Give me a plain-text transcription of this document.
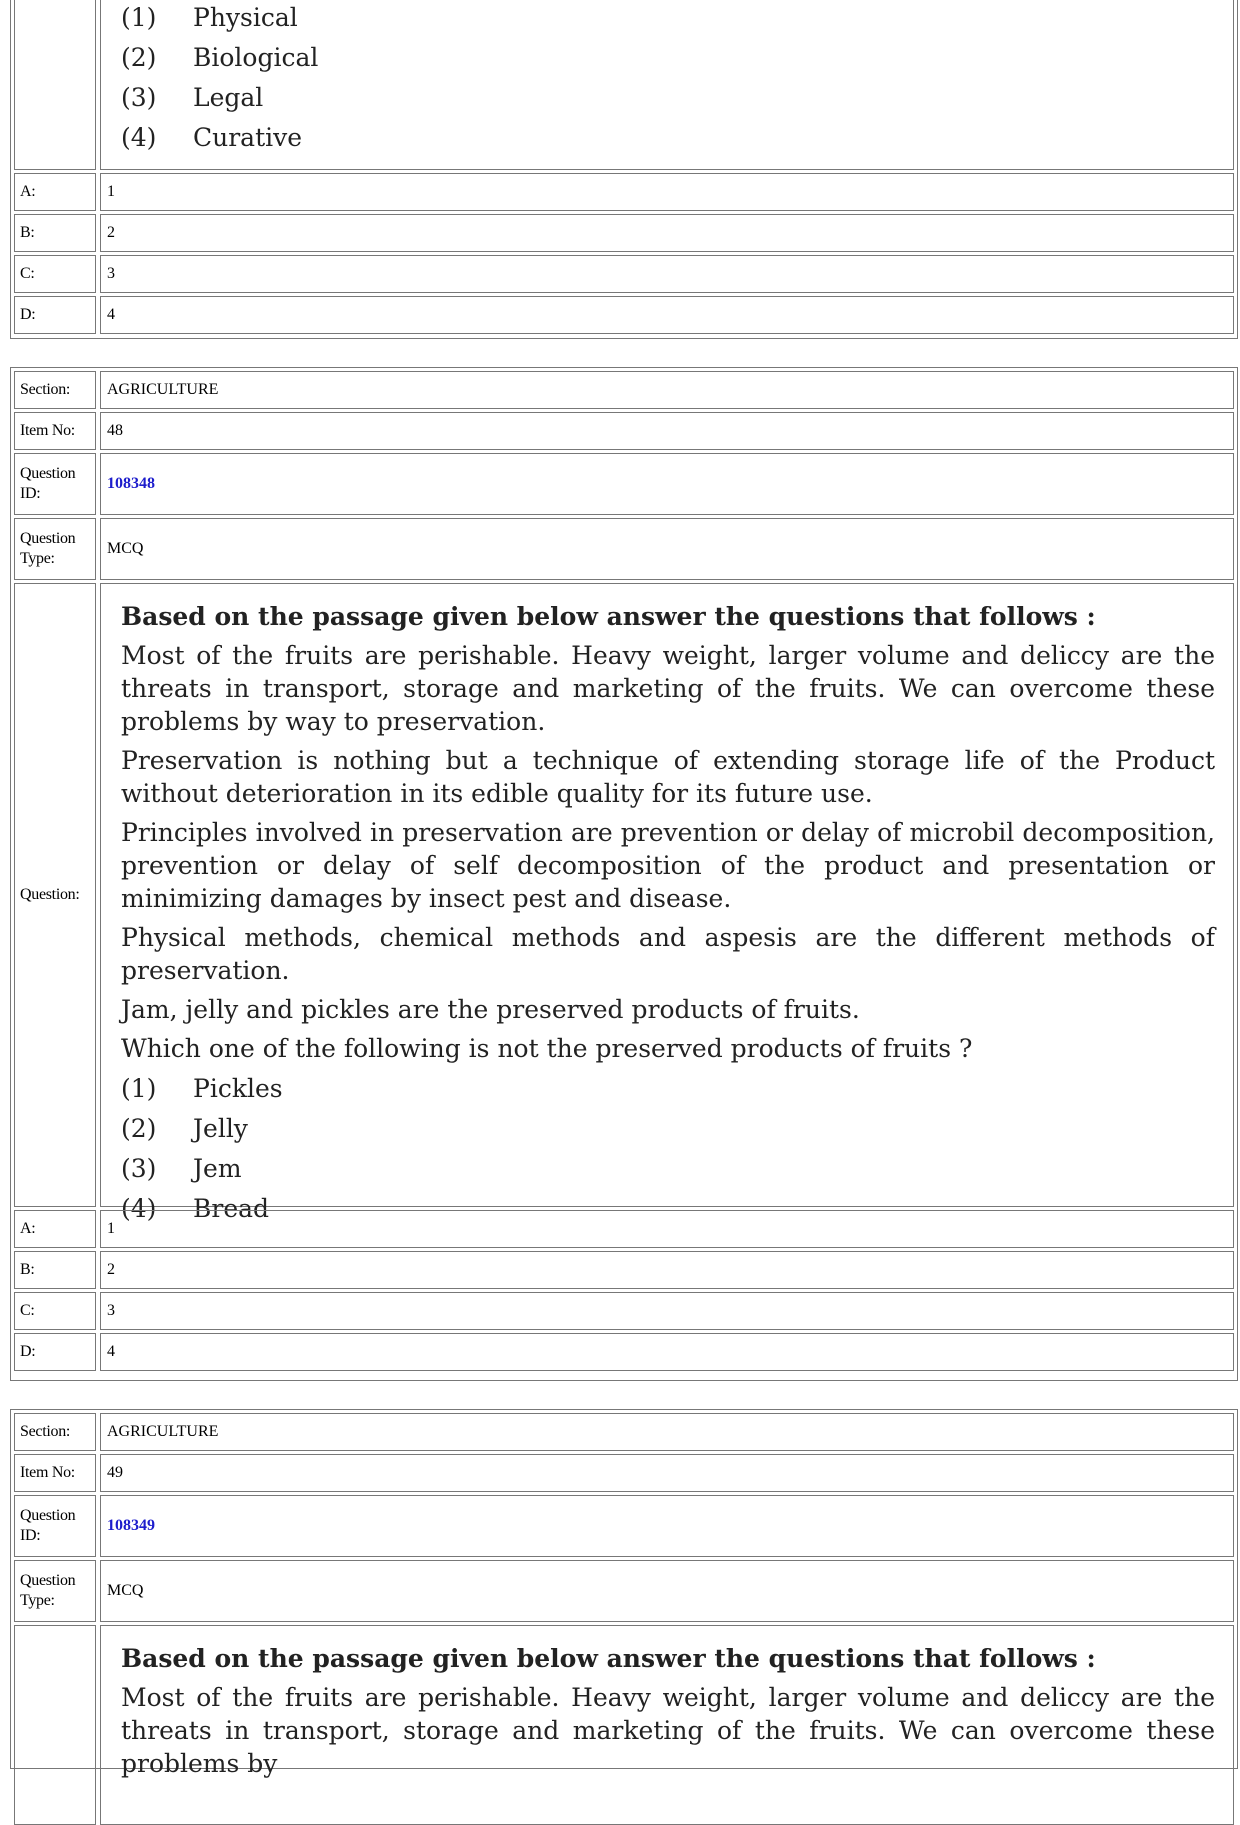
(1)	Physical
(2)	Biological
(3)	Legal
(4)	Curative
A:	1
B:	2
C:	3
D:	4
Section:	AGRICULTURE
Item No:	48
Question ID:
108348
Question Type:
MCQ
Question:

Based on the passage given below answer the questions that follows :

Most of the fruits are perishable. Heavy weight, larger volume and deliccy are the threats in transport, storage and marketing of the fruits. We can overcome these problems by way to preservation.

Preservation is nothing but a technique of extending storage life of the Product without deterioration in its edible quality for its future use.

Principles involved in preservation are prevention or delay of microbil decomposition, prevention or delay of self decomposition of the product and presentation or minimizing damages by insect pest and disease.

Physical methods, chemical methods and aspesis are the different methods of preservation.

Jam, jelly and pickles are the preserved products of fruits.

Which one of the following is not the preserved products of fruits ?

(1)	Pickles
(2)	Jelly
(3)	Jem
(4)	Bread
A:	1
B:	2
C:	3
D:	4
Section:	AGRICULTURE
Item No:	49
Question ID:
108349
Question Type:
MCQ

Based on the passage given below answer the questions that follows :

Most of the fruits are perishable. Heavy weight, larger volume and deliccy are the threats in transport, storage and marketing of the fruits. We can overcome these problems by
